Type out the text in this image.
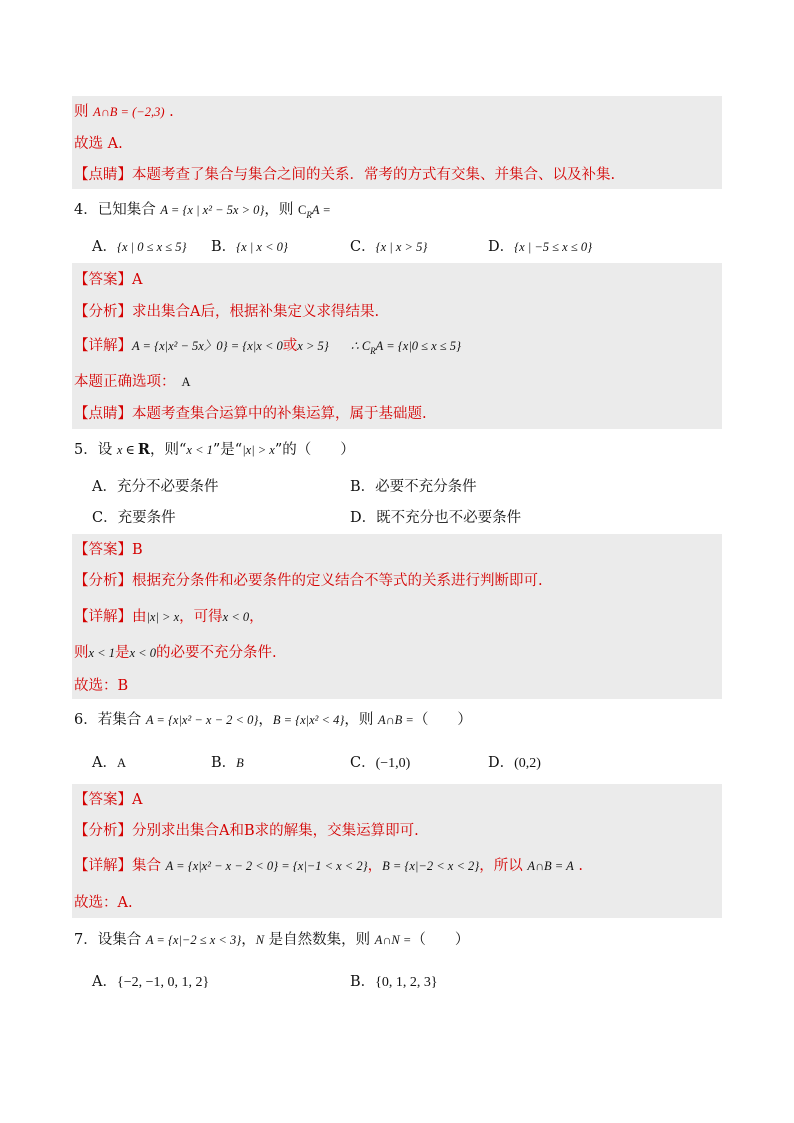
则 A∩B = (−2,3) .
故选 A.
【点睛】本题考查了集合与集合之间的关系．常考的方式有交集、并集合、以及补集.
4．已知集合 A = {x | x² − 5x > 0}，则 $C_RA$ =
A．{x | 0 ≤ x ≤ 5} B．{x | x < 0}	C．{x | x > 5}	D．{x | −5 ≤ x ≤ 0}
【答案】A
【分析】求出集合A后，根据补集定义求得结果.
【详解】A = {x|x² − 5x〉0} = {x|x < 0或x > 5} ∴ $C_RA = \{x|0 \le x \le 5\}$
本题正确选项： A
【点睛】本题考查集合运算中的补集运算，属于基础题.
5．设 x ∈ R，则“x < 1”是“|x| > x”的（　　）
A．充分不必要条件	B．必要不充分条件
C．充要条件	D．既不充分也不必要条件
【答案】B
【分析】根据充分条件和必要条件的定义结合不等式的关系进行判断即可.
【详解】由|x| > x，可得x < 0，
则x < 1是x < 0的必要不充分条件.
故选：B
6．若集合 A = {x|x² − x − 2 < 0}，B = {x|x² < 4}，则 A∩B =（　　）
A．A	B．B	C．(−1,0)	D．(0,2)
【答案】A
【分析】分别求出集合A和B求的解集，交集运算即可.
【详解】集合 A = {x|x² − x − 2 < 0} = {x|−1 < x < 2}，B = {x|−2 < x < 2}，所以 A∩B = A .
故选：A.
7．设集合 A = {x|−2 ≤ x < 3}，N 是自然数集，则 A∩N =（　　）
A．{−2, −1, 0, 1, 2}	B．{0, 1, 2, 3}
